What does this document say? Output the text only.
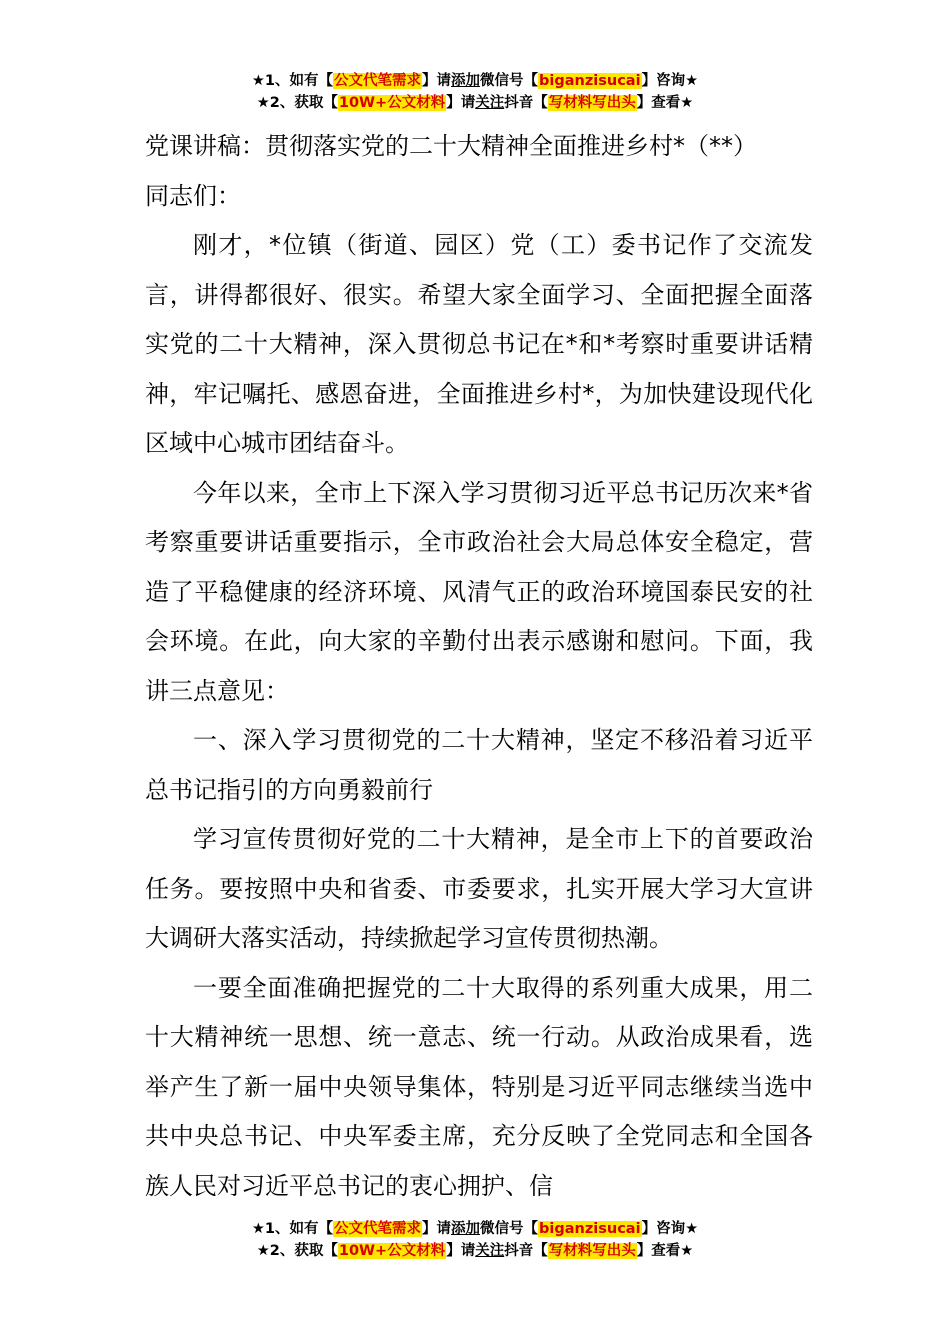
★1、如有【公文代笔需求】请添加微信号【biganzisucai】咨询★
★2、获取【10W+公文材料】请关注抖音【写材料写出头】查看★

党课讲稿：贯彻落实党的二十大精神全面推进乡村*（**）

同志们：

刚才，*位镇（街道、园区）党（工）委书记作了交流发言，讲得都很好、很实。希望大家全面学习、全面把握全面落实党的二十大精神，深入贯彻总书记在*和*考察时重要讲话精神，牢记嘱托、感恩奋进，全面推进乡村*，为加快建设现代化区域中心城市团结奋斗。

今年以来，全市上下深入学习贯彻习近平总书记历次来*省考察重要讲话重要指示，全市政治社会大局总体安全稳定，营造了平稳健康的经济环境、风清气正的政治环境国泰民安的社会环境。在此，向大家的辛勤付出表示感谢和慰问。下面，我讲三点意见：

一、深入学习贯彻党的二十大精神，坚定不移沿着习近平总书记指引的方向勇毅前行

学习宣传贯彻好党的二十大精神，是全市上下的首要政治任务。要按照中央和省委、市委要求，扎实开展大学习大宣讲大调研大落实活动，持续掀起学习宣传贯彻热潮。

一要全面准确把握党的二十大取得的系列重大成果，用二十大精神统一思想、统一意志、统一行动。从政治成果看，选举产生了新一届中央领导集体，特别是习近平同志继续当选中共中央总书记、中央军委主席，充分反映了全党同志和全国各族人民对习近平总书记的衷心拥护、信

★1、如有【公文代笔需求】请添加微信号【biganzisucai】咨询★
★2、获取【10W+公文材料】请关注抖音【写材料写出头】查看★
